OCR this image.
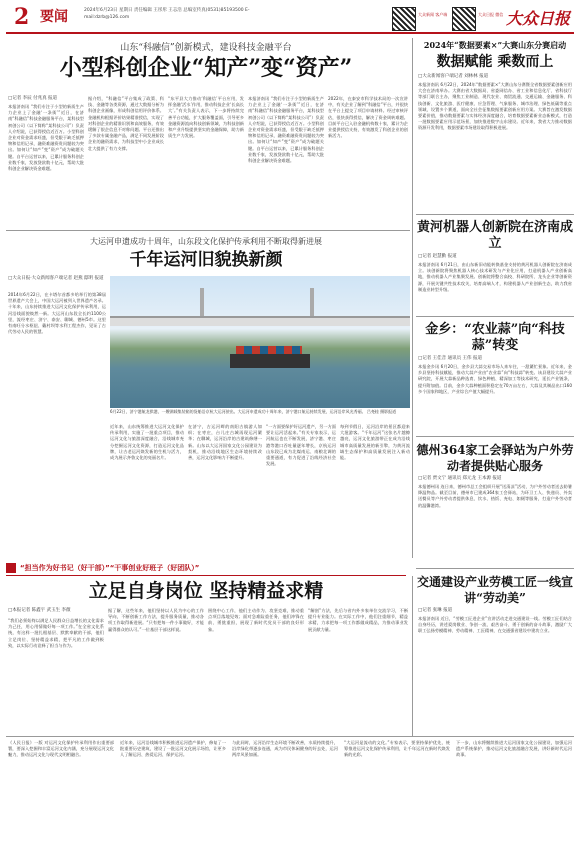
2 要闻	2024年6月23日 星期日 责任编辑 王彤彤 王志浩 总编室传真(0531)85193500 E-mail:dzrb@126.com
大众新闻 客户端	大众日报 微信 大众日报
山东“科融信”创新模式，建设科技金融平台
小型科创企业“知产”变“资产”
□记者 李辰 付兆真 报道
本报济南讯 “我们专注于小型的新质生产力企业上了金融‘一条街’”近日，在济南“科融信”科技金融服务平台，某科技型初创公司（以下简称“某科技公司”）负责人介绍说，已获得授信近百万。小型科创企业对资金需求旺盛，但受限于缺乏抵押物和信用记录，融资难融资贵问题较为突出。如何让“知产”变“资产”成为破题关键。自平台运营以来，已累计服务科创企业数千家，发放贷款数十亿元，帮助大批科创企业解决资金难题。
据介绍，“科融信”平台集成了政策、科技、金融等各类资源，通过大数据分析为科创企业画像，形成科创信用评价体系。金融机构根据评价结果精准授信，实现了对科创企业的精准识别和高效服务，有效缓解了银企信息不对称问题。平台还推出了多款专属金融产品，满足不同发展阶段企业的融资需求，为科技型中小企业成长壮大提供了有力支撑。
“东平县大力推动‘科融信’平台应用，发挥金融‘活水’作用，推动科技企业‘长高长大’。”有关负责人表示，下一步将持续完善平台功能，扩大服务覆盖面，引导更多金融资源流向科技创新领域，为科技创新和产业升级提供坚实的金融保障，助力新质生产力发展。
本报济南讯 “我们专注于小型的新质生产力企业上了金融‘一条街’”近日，在济南“科融信”科技金融服务平台，某科技型初创公司（以下简称“某科技公司”）负责人介绍说，已获得授信近百万。小型科创企业对资金需求旺盛，但受限于缺乏抵押物和信用记录，融资难融资贵问题较为突出。如何让“知产”变“资产”成为破题关键。自平台运营以来，已累计服务科创企业数千家，发放贷款数十亿元，帮助大批科创企业解决资金难题。
2022年，在泰安市科学技术局的一次宣讲中，有关企业了解到“科融信”平台，并很快在平台上提交了项目申请材料。经过审核评估，很快获得授信，解决了资金周转难题。目前平台已入驻金融机构数十家，累计为企业提供授信支持，有效激发了科创企业的创新活力。
2024年“数据要素×”大赛山东分赛启动
数据赋能 乘数而上
□大众新闻客户端记者 刘林林 报道
本报济南讯 6月22日，2024年“数据要素×”大赛山东分赛暨全省数据要素创新应用大会在济南举办。大赛由省大数据局、省委网信办、省工业和信息化厅、省科技厅等部门联合主办，聚焦工业制造、现代农业、商贸流通、交通运输、金融服务、科技创新、文化旅游、医疗健康、应急管理、气象服务、城市治理、绿色低碳等重点领域，设置多个赛道，面向全社会征集数据要素创新应用方案。大赛旨在激发数据要素价值，推动数据要素与实体经济深度融合，培育数据要素新业态新模式，打造一批数据要素应用示范场景，加快推进数字山东建设。近年来，我省大力推动数据资源开发利用，数据要素市场建设取得积极进展。
黄河机器人创新院在济南成立
□记者 赵慧勤 报道
本报济南讯 6月21日，由山东新旧动能转换基金支持的黄河机器人创新院在济南成立。该创新院将聚焦机器人核心技术研发与产业化应用，打造机器人产业创新高地，推动机器人产业集聚发展。创新院将整合高校、科研院所、龙头企业等创新资源，开展关键共性技术攻关，培育高端人才，构建机器人产业创新生态，助力我省制造业转型升级。
金乡：“农业蒜”向“科技蒜”转变
□记者 王佳音 通讯员 王伟 报道
本报金乡讯 6月20日，金乡县大蒜交易市场人来车往，一派繁忙景象。近年来，金乡县坚持科技赋能，推动大蒜产业由“农业蒜”向“科技蒜”转变。该县建设大蒜产业研究院，开展大蒜新品种选育、绿色种植、精深加工等技术研究，延长产业链条，提升附加值。目前，金乡大蒜种植面积稳定在70万亩左右，大蒜及其制品出口160多个国家和地区，产业综合产值大幅提升。
德州364家工会驿站为户外劳动者提供贴心服务
□记者 贾文宁 通讯员 郑元龙 王本源 报道
本报德州讯 连日来，德州市总工会组织开展“送清凉”活动，为户外劳动者送去防暑降温物品。截至目前，德州市已建成364家工会驿站，为环卫工人、快递员、外卖送餐员等户外劳动者提供休息、饮水、热饭、充电、如厕等服务，打造户外劳动者的温馨港湾。
交通建设产业劳模工匠一线宣讲“劳动美”
□记者 张琳 报道
本报济南讯 近日，“劳模工匠进企业”宣讲活动走进交通建设一线。劳模工匠们结合自身经历，讲述爱岗敬业、争创一流、艰苦奋斗、勇于创新的奋斗故事，激励广大职工弘扬劳模精神、劳动精神、工匠精神，在交通强省建设中建功立业。
大运河申遗成功十周年，山东段文化保护传承利用不断取得新进展
千年运河旧貌换新颜
□大众日报·大众新闻客户端记者 赵燕 邸明 报道
2014年6月22日，在卡塔尔首都多哈举行的第38届世界遗产大会上，中国大运河被列入世界遗产名录。十年来，山东持续推进大运河文化保护传承利用，运河沿线面貌焕然一新。大运河山东段全长约1100公里，流经枣庄、济宁、泰安、聊城、德州5市。这里有南旺分水枢纽、戴村坝等水利工程杰作，见证了古代劳动人民的智慧。
6月22日，济宁港航龙拱港，一艘满载集装箱的货船沿京杭大运河驶出。大运河申遗成功十周年来，济宁港口航运持续发展，运河沿岸风光秀丽。 吕尧桂 摄影报道
近年来，山东统筹推进大运河文化保护传承利用，实施了一批重点项目，推动运河文化与旅游深度融合，沿线城市充分挖掘运河文化资源，打造运河文化品牌，让古老运河焕发新的生机与活力，成为展示齐鲁文化的亮丽名片。
在济宁，古运河畔的南阳古镇游人如织；在枣庄，台儿庄古城再现运河繁华；在聊城，运河沿岸的古建筑修缮一新。山东以大运河国家文化公园建设为契机，推动沿线地区生态环境持续改善，运河文化影响力不断提升。
“一方面要保护好运河遗产，另一方面要让运河活起来。”有关专家表示，运河航运也在不断发展，济宁港、枣庄港等港口吞吐量逐年增长，京杭运河山东段已成为北煤南运、南粮北调的重要通道，有力促进了沿线经济社会发展。
每到节假日，运河沿岸的景区都迎来大批游客。“千年运河”这张名片越擦越亮，运河文化旅游带正在成为沿线城市高质量发展的新引擎，为黄河流域生态保护和高质量发展注入新动能。
“担当作为好书记（好干部）”“干事创业好班子（好团队）”
立足自身岗位 坚持精益求精
□本报记者 陈鑫宇 武玉生 李薇
“我们必须始终以满足人民群众日益增长的文化需求为己任，用心用情做好每一项工作。”在全省文化系统，有这样一批扎根基层、默默奉献的干部，他们立足岗位、坚持精益求精，把平凡的工作做到极致，以实际行动诠释了担当与作为。
据了解，这些年来，他们坚持以人民为中心的工作导向，不断创新工作方法，提升服务质量，推动各项工作取得新进展。“只有把每一件小事做好，才能赢得群众的认可。”一位基层干部这样说。
围绕中心工作，他们主动作为、攻坚克难，推动重点项目落地见效；面对急难险重任务，他们冲锋在前、勇挑重担，展现了新时代党员干部的良好形象。
“解剖”方法，先后与省内外多家单位交流学习，不断提升专业能力。在实际工作中，他们注重细节，精益求精，力求把每一项工作都做成精品，为推动事业发展贡献力量。
《人民日报》一版 对运河文化保护传承利用作出重要部署，要深入挖掘和丰富运河文化内涵，充分展现运河文化魅力，推动运河文化与现代文明相融合。
近年来，运河沿线城市积极推进运河遗产保护，修复了一批重要历史建筑，建设了一批运河文化展示场馆，让更多人了解运河、热爱运河、保护运河。
与此同时，运河沿岸生态环境不断改善，水质持续提升，沿岸绿化带逐步连通，成为市民休闲健身的好去处，运河两岸风景如画。
“大运河是流动的文化。”专家表示，要坚持保护优先，统筹推进运河文化保护传承利用，让千年运河在新时代焕发新的光彩。
下一步，山东将继续推进大运河国家文化公园建设，加强运河遗产系统保护，推动运河文化旅游融合发展，讲好新时代运河故事。
